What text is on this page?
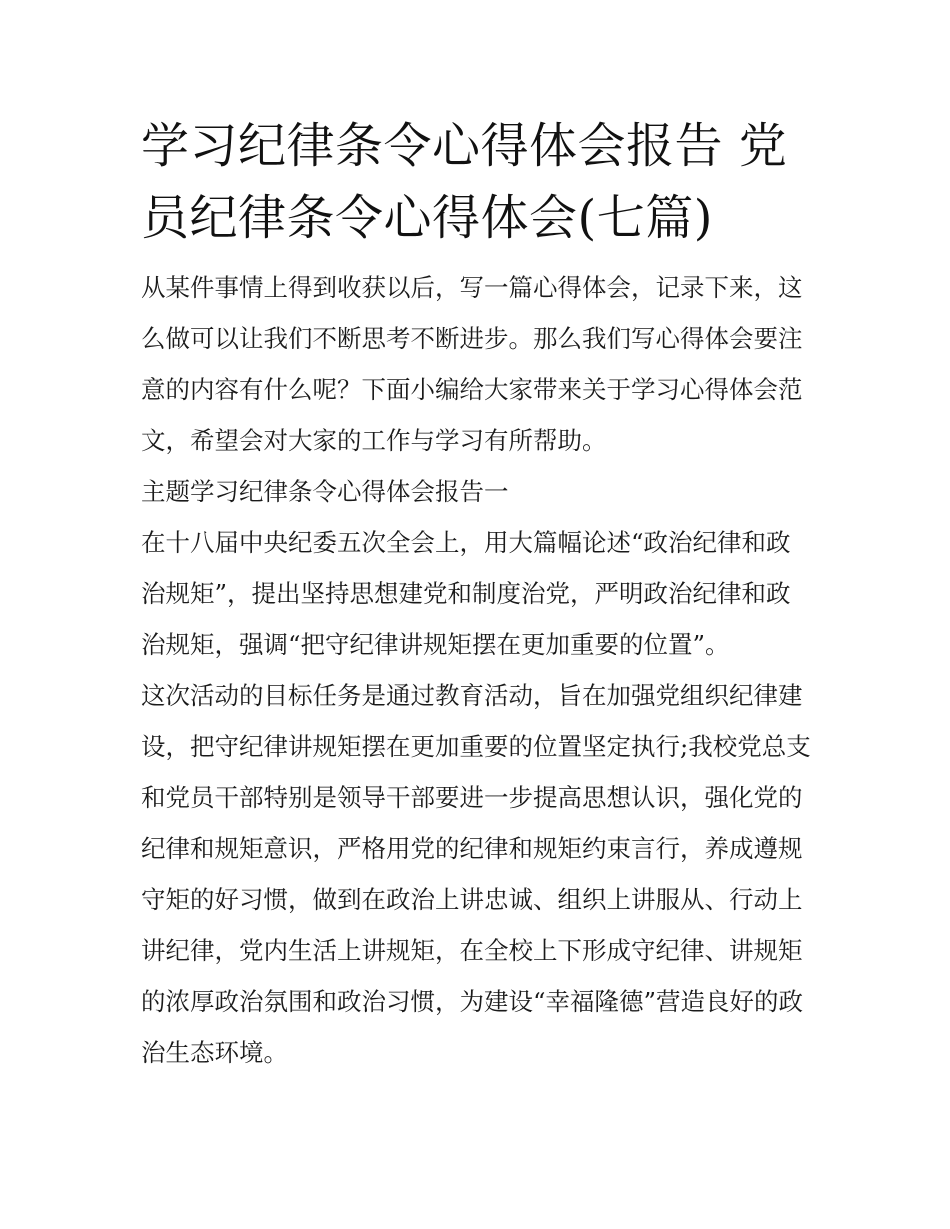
学习纪律条令心得体会报告 党员纪律条令心得体会(七篇)

从某件事情上得到收获以后，写一篇心得体会，记录下来，这么做可以让我们不断思考不断进步。那么我们写心得体会要注意的内容有什么呢？下面小编给大家带来关于学习心得体会范文，希望会对大家的工作与学习有所帮助。

主题学习纪律条令心得体会报告一

在十八届中央纪委五次全会上，用大篇幅论述“政治纪律和政治规矩”，提出坚持思想建党和制度治党，严明政治纪律和政治规矩，强调“把守纪律讲规矩摆在更加重要的位置”。

这次活动的目标任务是通过教育活动，旨在加强党组织纪律建设，把守纪律讲规矩摆在更加重要的位置坚定执行;我校党总支和党员干部特别是领导干部要进一步提高思想认识，强化党的纪律和规矩意识，严格用党的纪律和规矩约束言行，养成遵规守矩的好习惯，做到在政治上讲忠诚、组织上讲服从、行动上讲纪律，党内生活上讲规矩，在全校上下形成守纪律、讲规矩的浓厚政治氛围和政治习惯，为建设“幸福隆德”营造良好的政治生态环境。
